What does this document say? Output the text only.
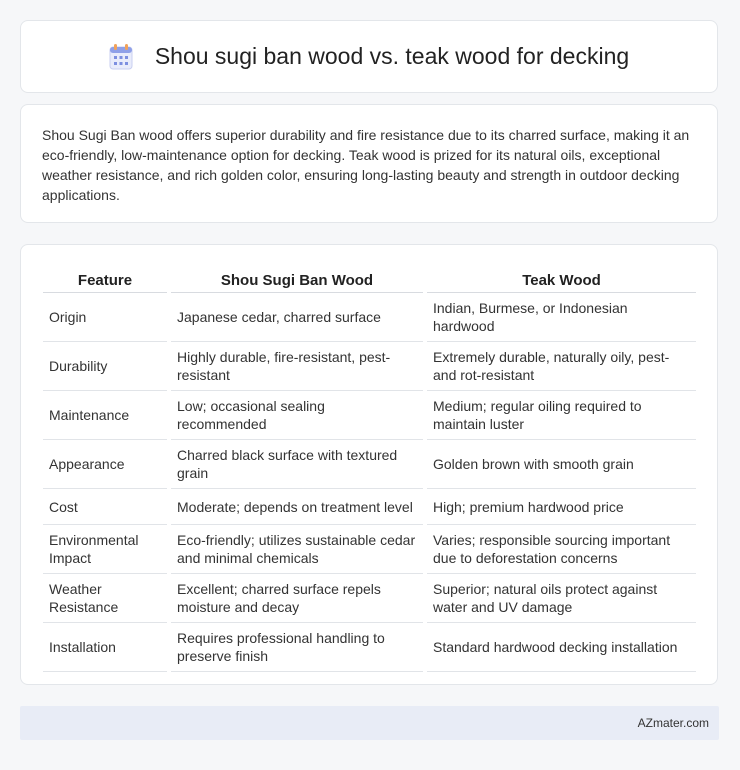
Shou sugi ban wood vs. teak wood for decking

Shou Sugi Ban wood offers superior durability and fire resistance due to its charred surface, making it an eco-friendly, low-maintenance option for decking. Teak wood is prized for its natural oils, exceptional weather resistance, and rich golden color, ensuring long-lasting beauty and strength in outdoor decking applications.

Feature	Shou Sugi Ban Wood	Teak Wood
Origin	Japanese cedar, charred surface	Indian, Burmese, or Indonesian hardwood
Durability	Highly durable, fire-resistant, pest-resistant	Extremely durable, naturally oily, pest- and rot-resistant
Maintenance	Low; occasional sealing recommended	Medium; regular oiling required to maintain luster
Appearance	Charred black surface with textured grain	Golden brown with smooth grain
Cost	Moderate; depends on treatment level	High; premium hardwood price
Environmental Impact	Eco-friendly; utilizes sustainable cedar and minimal chemicals	Varies; responsible sourcing important due to deforestation concerns
Weather Resistance	Excellent; charred surface repels moisture and decay	Superior; natural oils protect against water and UV damage
Installation	Requires professional handling to preserve finish	Standard hardwood decking installation
AZmater.com
